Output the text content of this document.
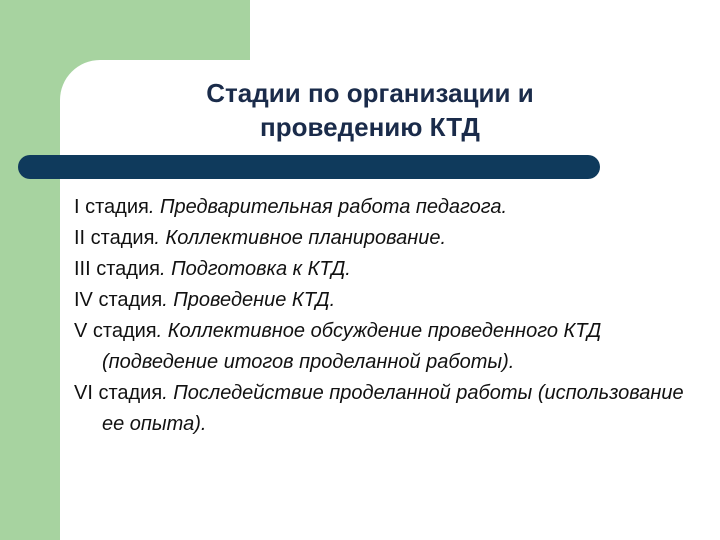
Стадии по организации и
проведению КТД

I стадия. Предварительная работа педагога.

II стадия. Коллективное планирование.

III стадия. Подготовка к КТД.

IV стадия. Проведение КТД.

V стадия. Коллективное обсуждение проведенного КТД (подведение итогов проделанной работы).

VI стадия. Последействие проделанной работы (использование ее опыта).
